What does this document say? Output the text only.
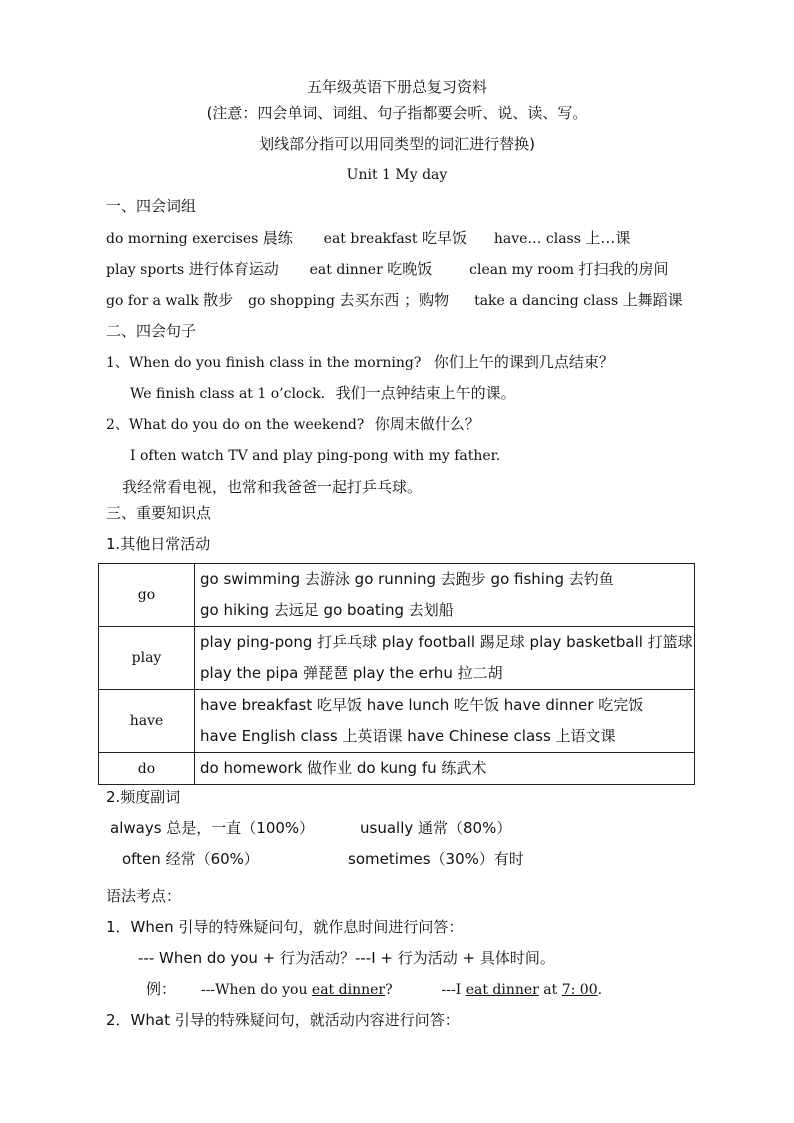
五年级英语下册总复习资料
(注意：四会单词、词组、句子指都要会听、说、读、写。
划线部分指可以用同类型的词汇进行替换)
Unit 1 My day
一、四会词组
do morning exercises 晨练 eat breakfast 吃早饭 have… class 上…课
play sports 进行体育运动 eat dinner 吃晚饭	clean my room 打扫我的房间
go for a walk 散步 go shopping 去买东西 ；购物 take a dancing class 上舞蹈课
二、四会句子
1、When do you finish class in the morning? 你们上午的课到几点结束？
We finish class at 1 o’clock. 我们一点钟结束上午的课。
2、What do you do on the weekend? 你周末做什么？
I often watch TV and play ping-pong with my father.
我经常看电视，也常和我爸爸一起打乒乓球。
三、重要知识点
1.其他日常活动
go	go swimming 去游泳 go running 去跑步 go fishing 去钓鱼
go hiking 去远足 go boating 去划船

play	play ping-pong 打乒乓球 play football 踢足球 play basketball 打篮球
play the pipa 弹琵琶 play the erhu 拉二胡

have	have breakfast 吃早饭 have lunch 吃午饭 have dinner 吃完饭
have English class 上英语课 have Chinese class 上语文课

do	do homework 做作业 do kung fu 练武术
2.频度副词
always 总是，一直（100%）	usually 通常（80%）
often 经常（60%）	sometimes（30%）有时
语法考点：
1．When 引导的特殊疑问句，就作息时间进行问答：
--- When do you + 行为活动？---I + 行为活动 + 具体时间。
例： ---When do you eat dinner?	---I eat dinner at 7: 00.
2．What 引导的特殊疑问句，就活动内容进行问答：
